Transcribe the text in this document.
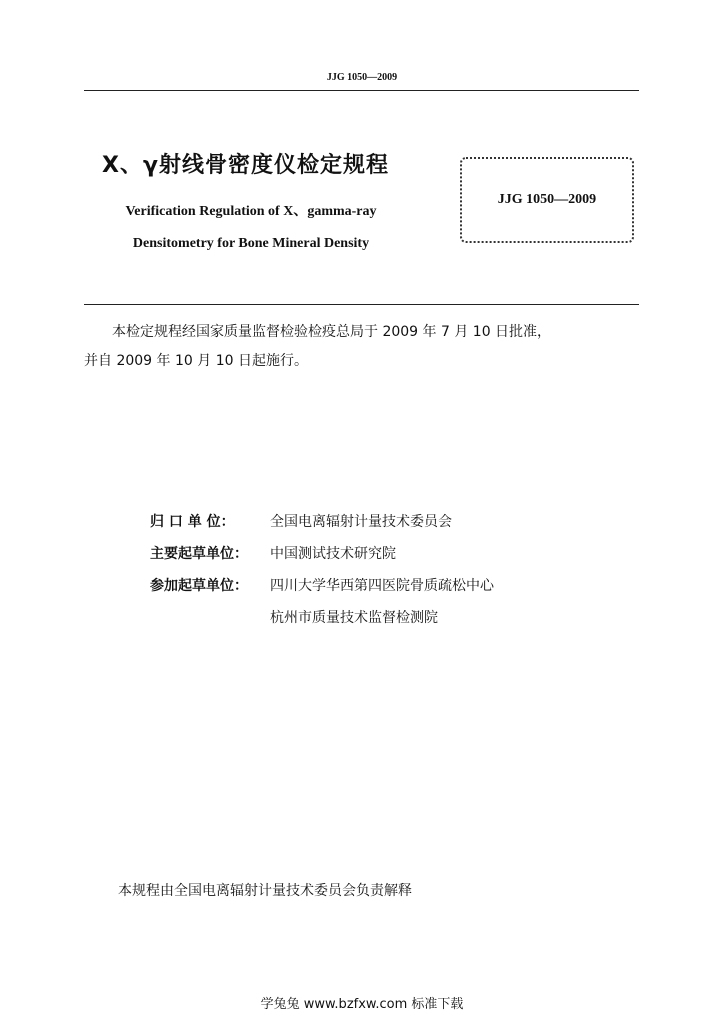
JJG 1050—2009
X、γ射线骨密度仪检定规程
Verification Regulation of X、gamma-ray
Densitometry for Bone Mineral Density
JJG 1050—2009
本检定规程经国家质量监督检验检疫总局于 2009 年 7 月 10 日批准，
并自 2009 年 10 月 10 日起施行。
归 口 单 位：	全国电离辐射计量技术委员会
主要起草单位：	中国测试技术研究院
参加起草单位：	四川大学华西第四医院骨质疏松中心
杭州市质量技术监督检测院
本规程由全国电离辐射计量技术委员会负责解释
学兔兔 www.bzfxw.com 标准下载
